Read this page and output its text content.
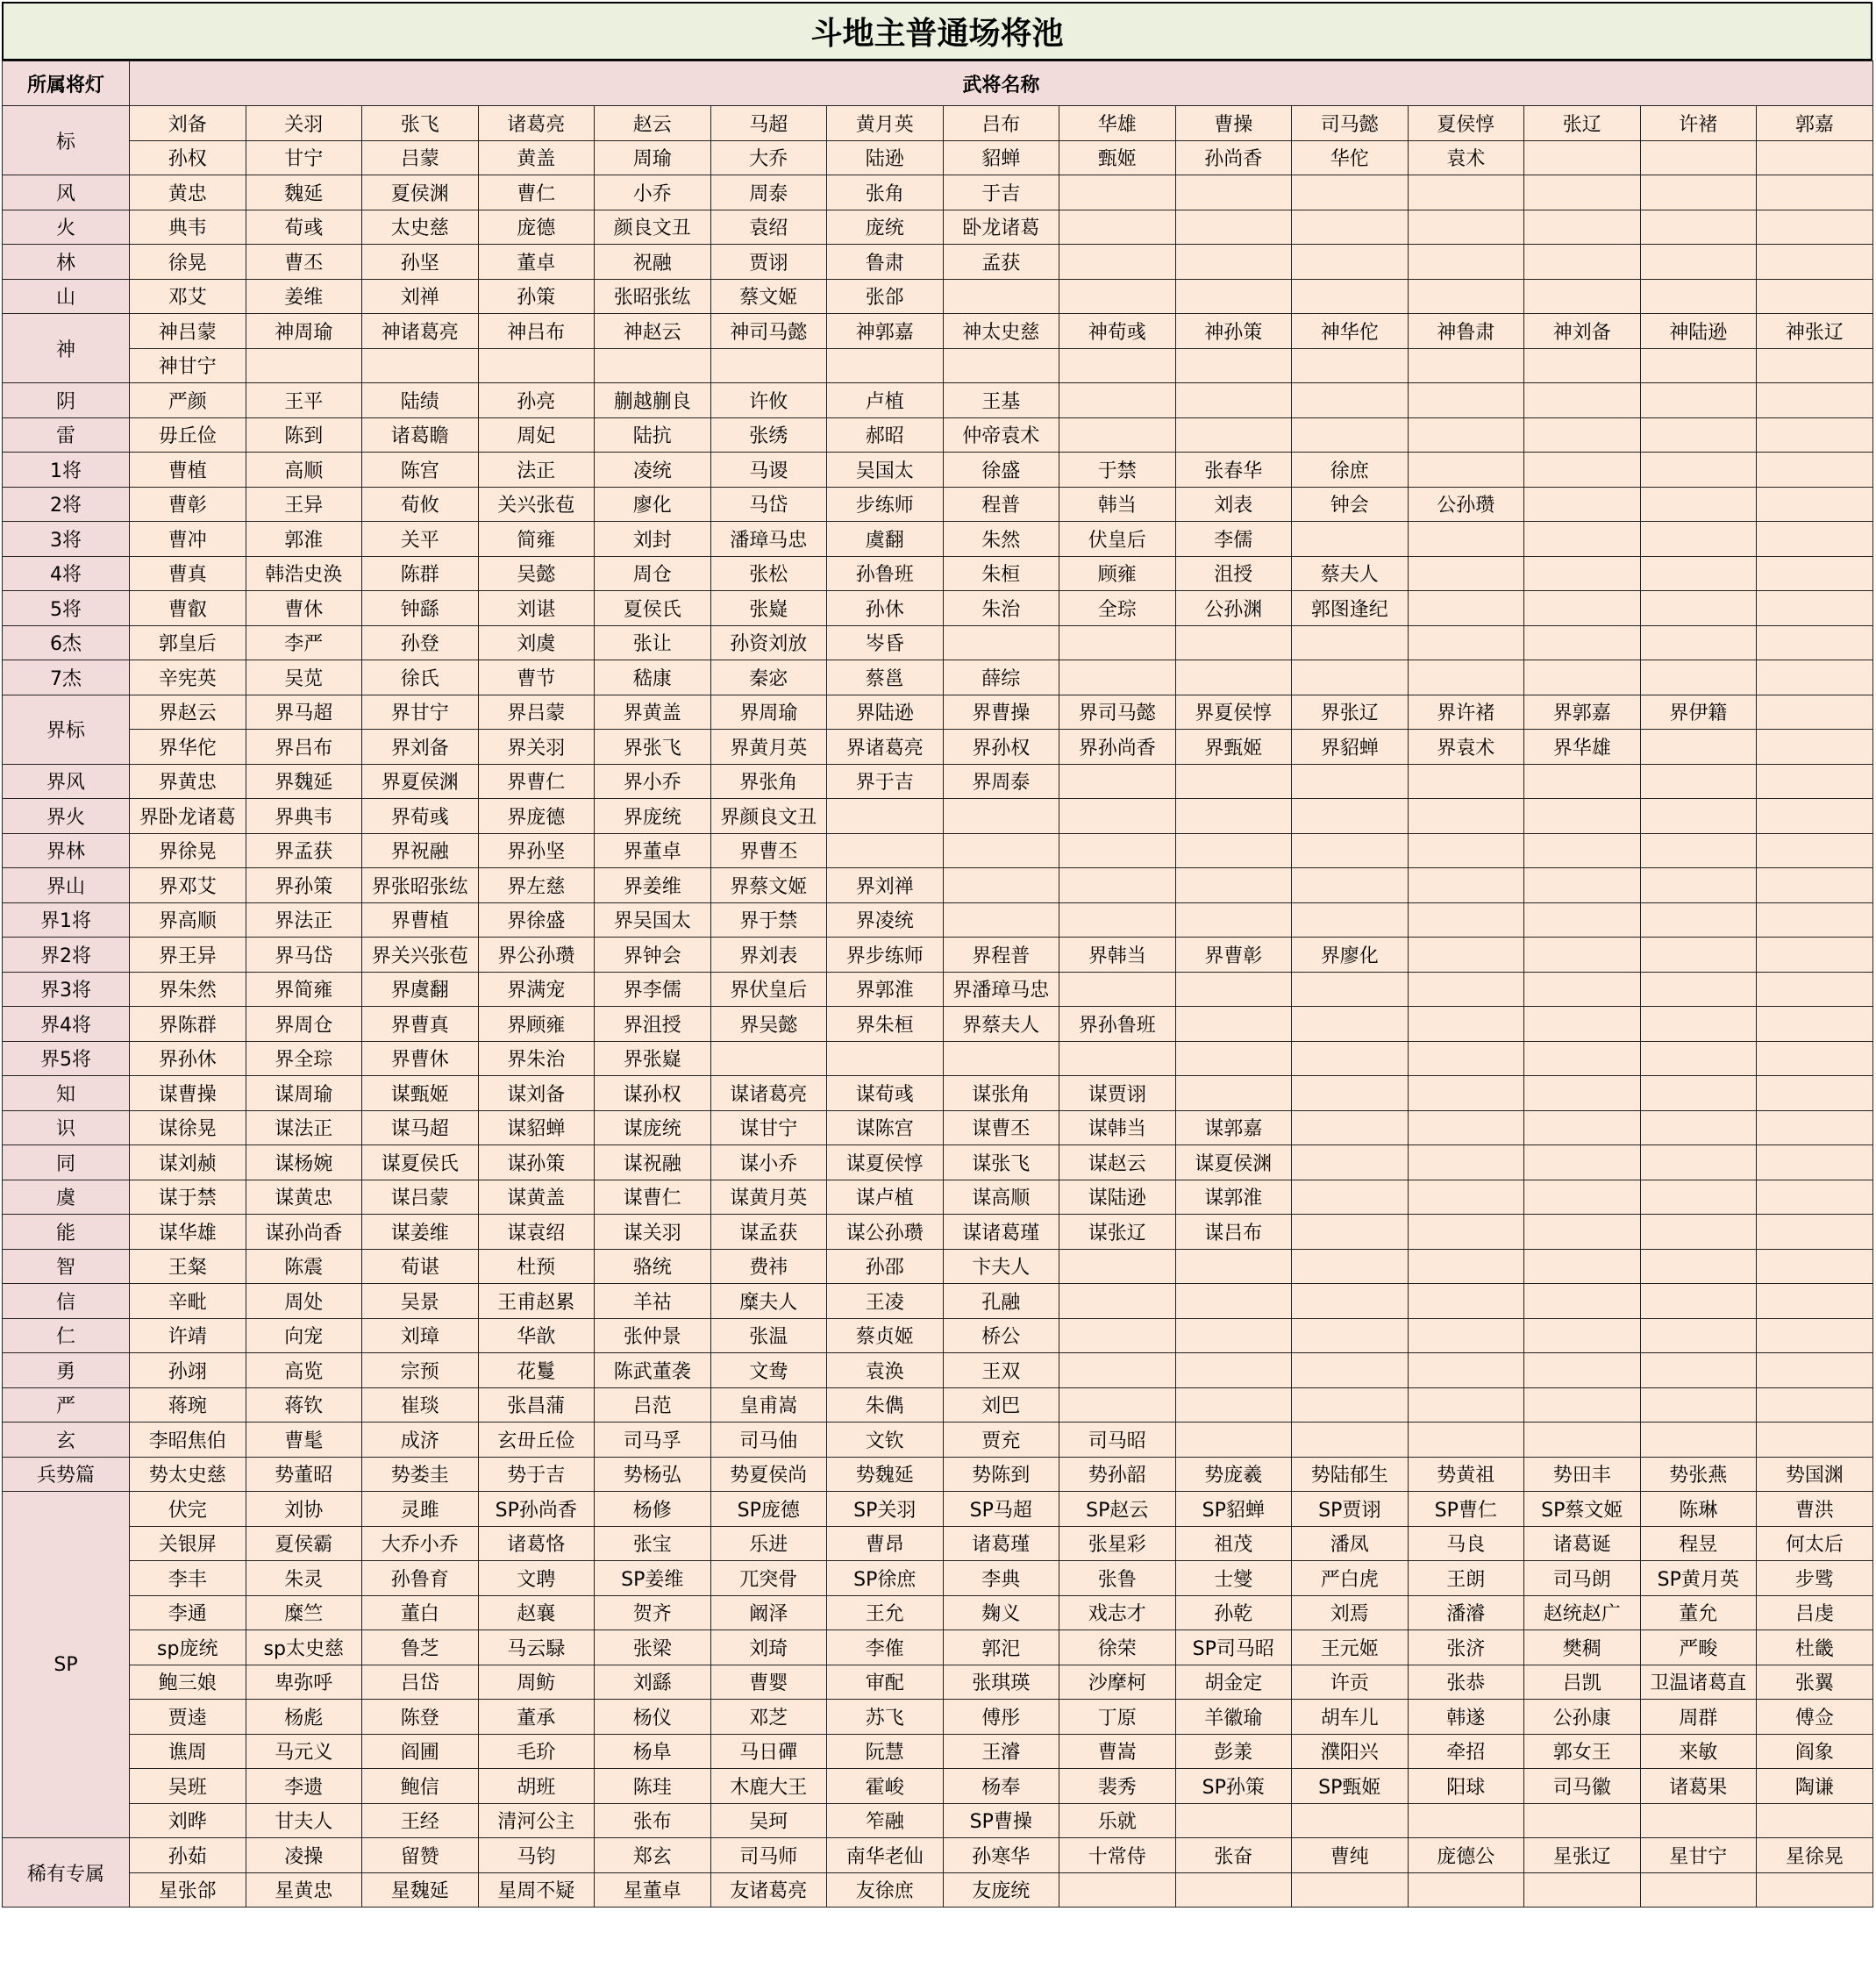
斗地主普通场将池
所属将灯	武将名称														
标	刘备	关羽	张飞	诸葛亮	赵云	马超	黄月英	吕布	华雄	曹操	司马懿	夏侯惇	张辽	许褚	郭嘉
	孙权	甘宁	吕蒙	黄盖	周瑜	大乔	陆逊	貂蝉	甄姬	孙尚香	华佗	袁术			
风	黄忠	魏延	夏侯渊	曹仁	小乔	周泰	张角	于吉							
火	典韦	荀彧	太史慈	庞德	颜良文丑	袁绍	庞统	卧龙诸葛							
林	徐晃	曹丕	孙坚	董卓	祝融	贾诩	鲁肃	孟获							
山	邓艾	姜维	刘禅	孙策	张昭张纮	蔡文姬	张郃								
神	神吕蒙	神周瑜	神诸葛亮	神吕布	神赵云	神司马懿	神郭嘉	神太史慈	神荀彧	神孙策	神华佗	神鲁肃	神刘备	神陆逊	神张辽
	神甘宁														
阴	严颜	王平	陆绩	孙亮	蒯越蒯良	许攸	卢植	王基							
雷	毋丘俭	陈到	诸葛瞻	周妃	陆抗	张绣	郝昭	仲帝袁术							
1将	曹植	高顺	陈宫	法正	凌统	马谡	吴国太	徐盛	于禁	张春华	徐庶				
2将	曹彰	王异	荀攸	关兴张苞	廖化	马岱	步练师	程普	韩当	刘表	钟会	公孙瓒			
3将	曹冲	郭淮	关平	简雍	刘封	潘璋马忠	虞翻	朱然	伏皇后	李儒					
4将	曹真	韩浩史涣	陈群	吴懿	周仓	张松	孙鲁班	朱桓	顾雍	沮授	蔡夫人				
5将	曹叡	曹休	钟繇	刘谌	夏侯氏	张嶷	孙休	朱治	全琮	公孙渊	郭图逢纪				
6杰	郭皇后	李严	孙登	刘虞	张让	孙资刘放	岑昏								
7杰	辛宪英	吴苋	徐氏	曹节	嵇康	秦宓	蔡邕	薛综							
界标	界赵云	界马超	界甘宁	界吕蒙	界黄盖	界周瑜	界陆逊	界曹操	界司马懿	界夏侯惇	界张辽	界许褚	界郭嘉	界伊籍	
	界华佗	界吕布	界刘备	界关羽	界张飞	界黄月英	界诸葛亮	界孙权	界孙尚香	界甄姬	界貂蝉	界袁术	界华雄		
界风	界黄忠	界魏延	界夏侯渊	界曹仁	界小乔	界张角	界于吉	界周泰							
界火	界卧龙诸葛	界典韦	界荀彧	界庞德	界庞统	界颜良文丑									
界林	界徐晃	界孟获	界祝融	界孙坚	界董卓	界曹丕									
界山	界邓艾	界孙策	界张昭张纮	界左慈	界姜维	界蔡文姬	界刘禅								
界1将	界高顺	界法正	界曹植	界徐盛	界吴国太	界于禁	界凌统								
界2将	界王异	界马岱	界关兴张苞	界公孙瓒	界钟会	界刘表	界步练师	界程普	界韩当	界曹彰	界廖化				
界3将	界朱然	界简雍	界虞翻	界满宠	界李儒	界伏皇后	界郭淮	界潘璋马忠							
界4将	界陈群	界周仓	界曹真	界顾雍	界沮授	界吴懿	界朱桓	界蔡夫人	界孙鲁班						
界5将	界孙休	界全琮	界曹休	界朱治	界张嶷										
知	谋曹操	谋周瑜	谋甄姬	谋刘备	谋孙权	谋诸葛亮	谋荀彧	谋张角	谋贾诩						
识	谋徐晃	谋法正	谋马超	谋貂蝉	谋庞统	谋甘宁	谋陈宫	谋曹丕	谋韩当	谋郭嘉					
同	谋刘赪	谋杨婉	谋夏侯氏	谋孙策	谋祝融	谋小乔	谋夏侯惇	谋张飞	谋赵云	谋夏侯渊					
虞	谋于禁	谋黄忠	谋吕蒙	谋黄盖	谋曹仁	谋黄月英	谋卢植	谋高顺	谋陆逊	谋郭淮					
能	谋华雄	谋孙尚香	谋姜维	谋袁绍	谋关羽	谋孟获	谋公孙瓒	谋诸葛瑾	谋张辽	谋吕布					
智	王粲	陈震	荀谌	杜预	骆统	费祎	孙邵	卞夫人							
信	辛毗	周处	吴景	王甫赵累	羊祜	糜夫人	王凌	孔融							
仁	许靖	向宠	刘璋	华歆	张仲景	张温	蔡贞姬	桥公							
勇	孙翊	高览	宗预	花鬘	陈武董袭	文鸯	袁涣	王双							
严	蒋琬	蒋钦	崔琰	张昌蒲	吕范	皇甫嵩	朱儁	刘巴							
玄	李昭焦伯	曹髦	成济	玄毌丘俭	司马孚	司马伷	文钦	贾充	司马昭						
兵势篇	势太史慈	势董昭	势娄圭	势于吉	势杨弘	势夏侯尚	势魏延	势陈到	势孙韶	势庞羲	势陆郁生	势黄祖	势田丰	势张燕	势国渊
SP	伏完	刘协	灵雎	SP孙尚香	杨修	SP庞德	SP关羽	SP马超	SP赵云	SP貂蝉	SP贾诩	SP曹仁	SP蔡文姬	陈琳	曹洪
	关银屏	夏侯霸	大乔小乔	诸葛恪	张宝	乐进	曹昂	诸葛瑾	张星彩	祖茂	潘凤	马良	诸葛诞	程昱	何太后
	李丰	朱灵	孙鲁育	文聘	SP姜维	兀突骨	SP徐庶	李典	张鲁	士燮	严白虎	王朗	司马朗	SP黄月英	步骘
	李通	糜竺	董白	赵襄	贺齐	阚泽	王允	麹义	戏志才	孙乾	刘焉	潘濬	赵统赵广	董允	吕虔
	sp庞统	sp太史慈	鲁芝	马云騄	张梁	刘琦	李傕	郭汜	徐荣	SP司马昭	王元姬	张济	樊稠	严畯	杜畿
	鲍三娘	卑弥呼	吕岱	周鲂	刘繇	曹婴	审配	张琪瑛	沙摩柯	胡金定	许贡	张恭	吕凯	卫温诸葛直	张翼
	贾逵	杨彪	陈登	董承	杨仪	邓芝	苏飞	傅彤	丁原	羊徽瑜	胡车儿	韩遂	公孙康	周群	傅佥
	谯周	马元义	阎圃	毛玠	杨阜	马日磾	阮慧	王濬	曹嵩	彭羕	濮阳兴	牵招	郭女王	来敏	阎象
	吴班	李遗	鲍信	胡班	陈珪	木鹿大王	霍峻	杨奉	裴秀	SP孙策	SP甄姬	阳球	司马徽	诸葛果	陶谦
	刘晔	甘夫人	王经	清河公主	张布	吴珂	笮融	SP曹操	乐就						
稀有专属	孙茹	凌操	留赞	马钧	郑玄	司马师	南华老仙	孙寒华	十常侍	张奋	曹纯	庞德公	星张辽	星甘宁	星徐晃
	星张郃	星黄忠	星魏延	星周不疑	星董卓	友诸葛亮	友徐庶	友庞统							
